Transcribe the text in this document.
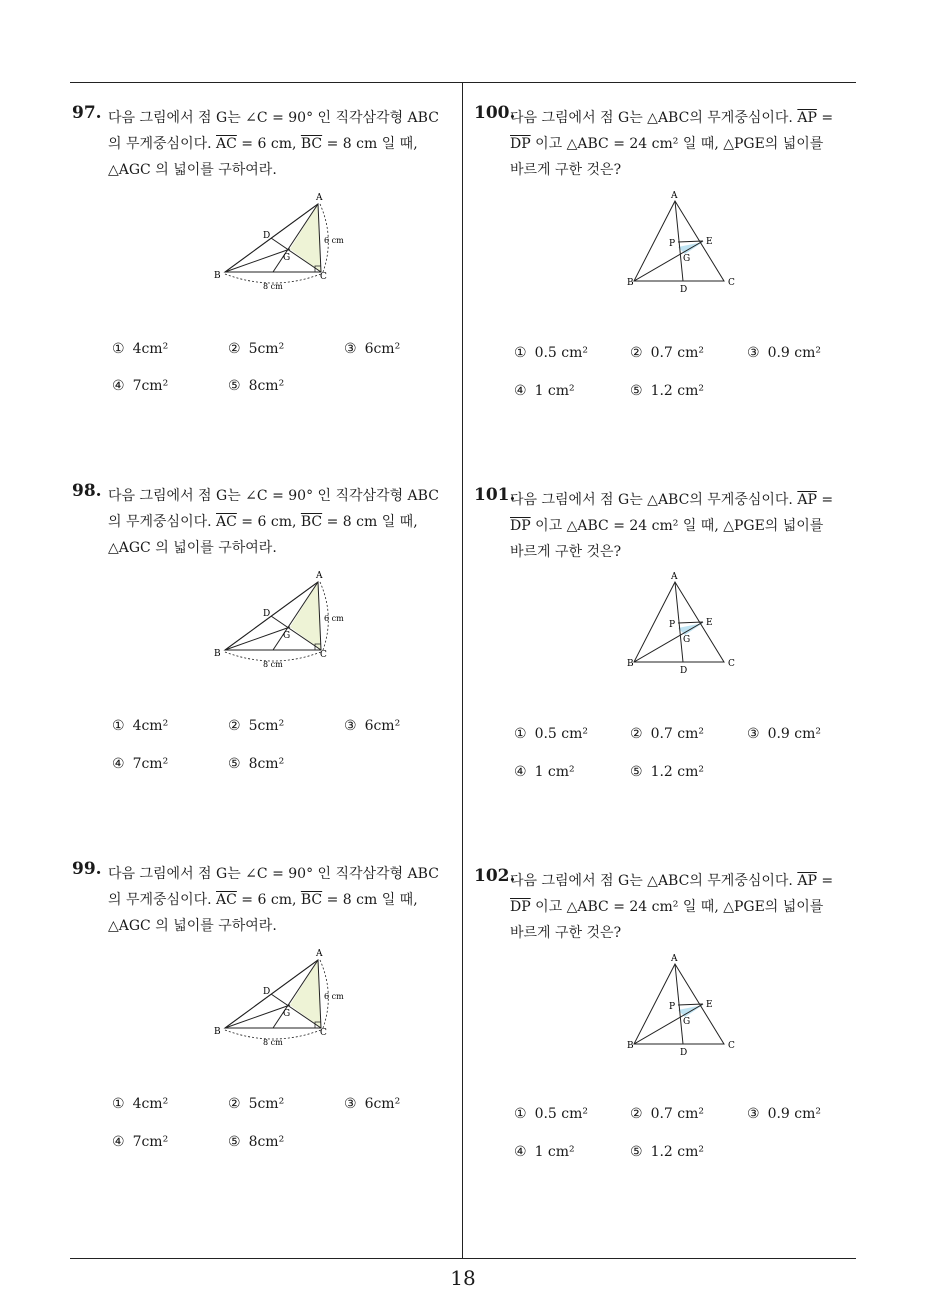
97. 다음 그림에서 점 G는 ∠C = 90° 인 직각삼각형 ABC

의 무게중심이다. $\overline{AC} = 6$ cm, $\overline{BC} = 8$ cm 일 때,

△AGC 의 넓이를 구하여라.

A
D	6 cm
G
B	C
8 cm
① 4cm²	② 5cm²	③ 6cm²
④ 7cm²	⑤ 8cm²
98. 다음 그림에서 점 G는 ∠C = 90° 인 직각삼각형 ABC

의 무게중심이다. $\overline{AC} = 6$ cm, $\overline{BC} = 8$ cm 일 때,

△AGC 의 넓이를 구하여라.

A
D	6 cm
G
B	C
8 cm
① 4cm²	② 5cm²	③ 6cm²
④ 7cm²	⑤ 8cm²
99. 다음 그림에서 점 G는 ∠C = 90° 인 직각삼각형 ABC

의 무게중심이다. $\overline{AC} = 6$ cm, $\overline{BC} = 8$ cm 일 때,

△AGC 의 넓이를 구하여라.

A
D	6 cm
G
B	C
8 cm
① 4cm²	② 5cm²	③ 6cm²
④ 7cm²	⑤ 8cm²
100.

다음 그림에서 점 G는 △ABC의 무게중심이다. $\overline{AP}$ =

$\overline{DP}$ 이고 △ABC = 24 cm² 일 때, △PGE의 넓이를

바르게 구한 것은?

A
P	E
G
B
D
C
① 0.5 cm²	② 0.7 cm²	③ 0.9 cm²
④ 1 cm²	⑤ 1.2 cm²
101.

다음 그림에서 점 G는 △ABC의 무게중심이다. $\overline{AP}$ =

$\overline{DP}$ 이고 △ABC = 24 cm² 일 때, △PGE의 넓이를

바르게 구한 것은?

A
P	E
G
B
D
C
① 0.5 cm²	② 0.7 cm²	③ 0.9 cm²
④ 1 cm²	⑤ 1.2 cm²
102.

다음 그림에서 점 G는 △ABC의 무게중심이다. $\overline{AP}$ =

$\overline{DP}$ 이고 △ABC = 24 cm² 일 때, △PGE의 넓이를

바르게 구한 것은?

A
P	E
G
B
D
C
① 0.5 cm²	② 0.7 cm²	③ 0.9 cm²
④ 1 cm²	⑤ 1.2 cm²
18
